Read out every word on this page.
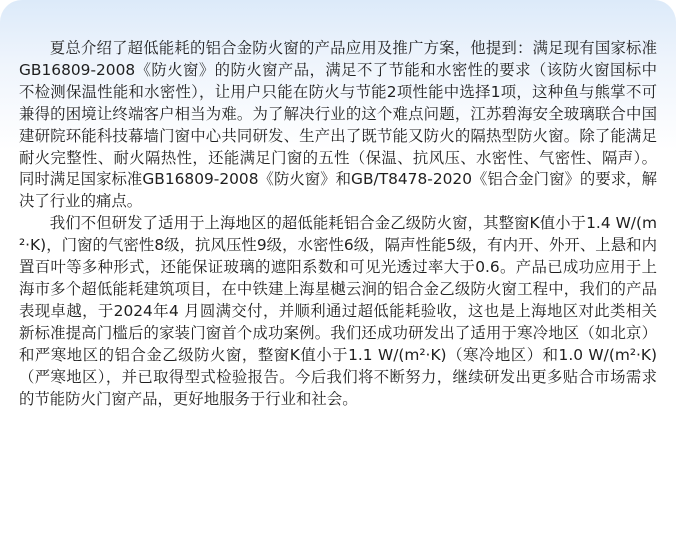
夏总介绍了超低能耗的铝合金防火窗的产品应用及推广方案，他提到：满足现有国家标准GB16809-2008《防火窗》的防火窗产品，满足不了节能和水密性的要求（该防火窗国标中不检测保温性能和水密性），让用户只能在防火与节能2项性能中选择1项，这种鱼与熊掌不可兼得的困境让终端客户相当为难。为了解决行业的这个难点问题，江苏碧海安全玻璃联合中国建研院环能科技幕墙门窗中心共同研发、生产出了既节能又防火的隔热型防火窗。除了能满足耐火完整性、耐火隔热性，还能满足门窗的五性（保温、抗风压、水密性、气密性、隔声）。同时满足国家标准GB16809-2008《防火窗》和GB/T8478-2020《铝合金门窗》的要求，解决了行业的痛点。

我们不但研发了适用于上海地区的超低能耗铝合金乙级防火窗，其整窗K值小于1.4 W/(m²·K)，门窗的气密性8级，抗风压性9级，水密性6级，隔声性能5级，有内开、外开、上悬和内置百叶等多种形式，还能保证玻璃的遮阳系数和可见光透过率大于0.6。产品已成功应用于上海市多个超低能耗建筑项目，在中铁建上海星樾云涧的铝合金乙级防火窗工程中，我们的产品表现卓越，于2024年4 月圆满交付，并顺利通过超低能耗验收，这也是上海地区对此类相关新标准提高门槛后的家装门窗首个成功案例。我们还成功研发出了适用于寒冷地区（如北京）和严寒地区的铝合金乙级防火窗，整窗K值小于1.1 W/(m²·K)（寒冷地区）和1.0 W/(m²·K)（严寒地区），并已取得型式检验报告。今后我们将不断努力，继续研发出更多贴合市场需求的节能防火门窗产品，更好地服务于行业和社会。
